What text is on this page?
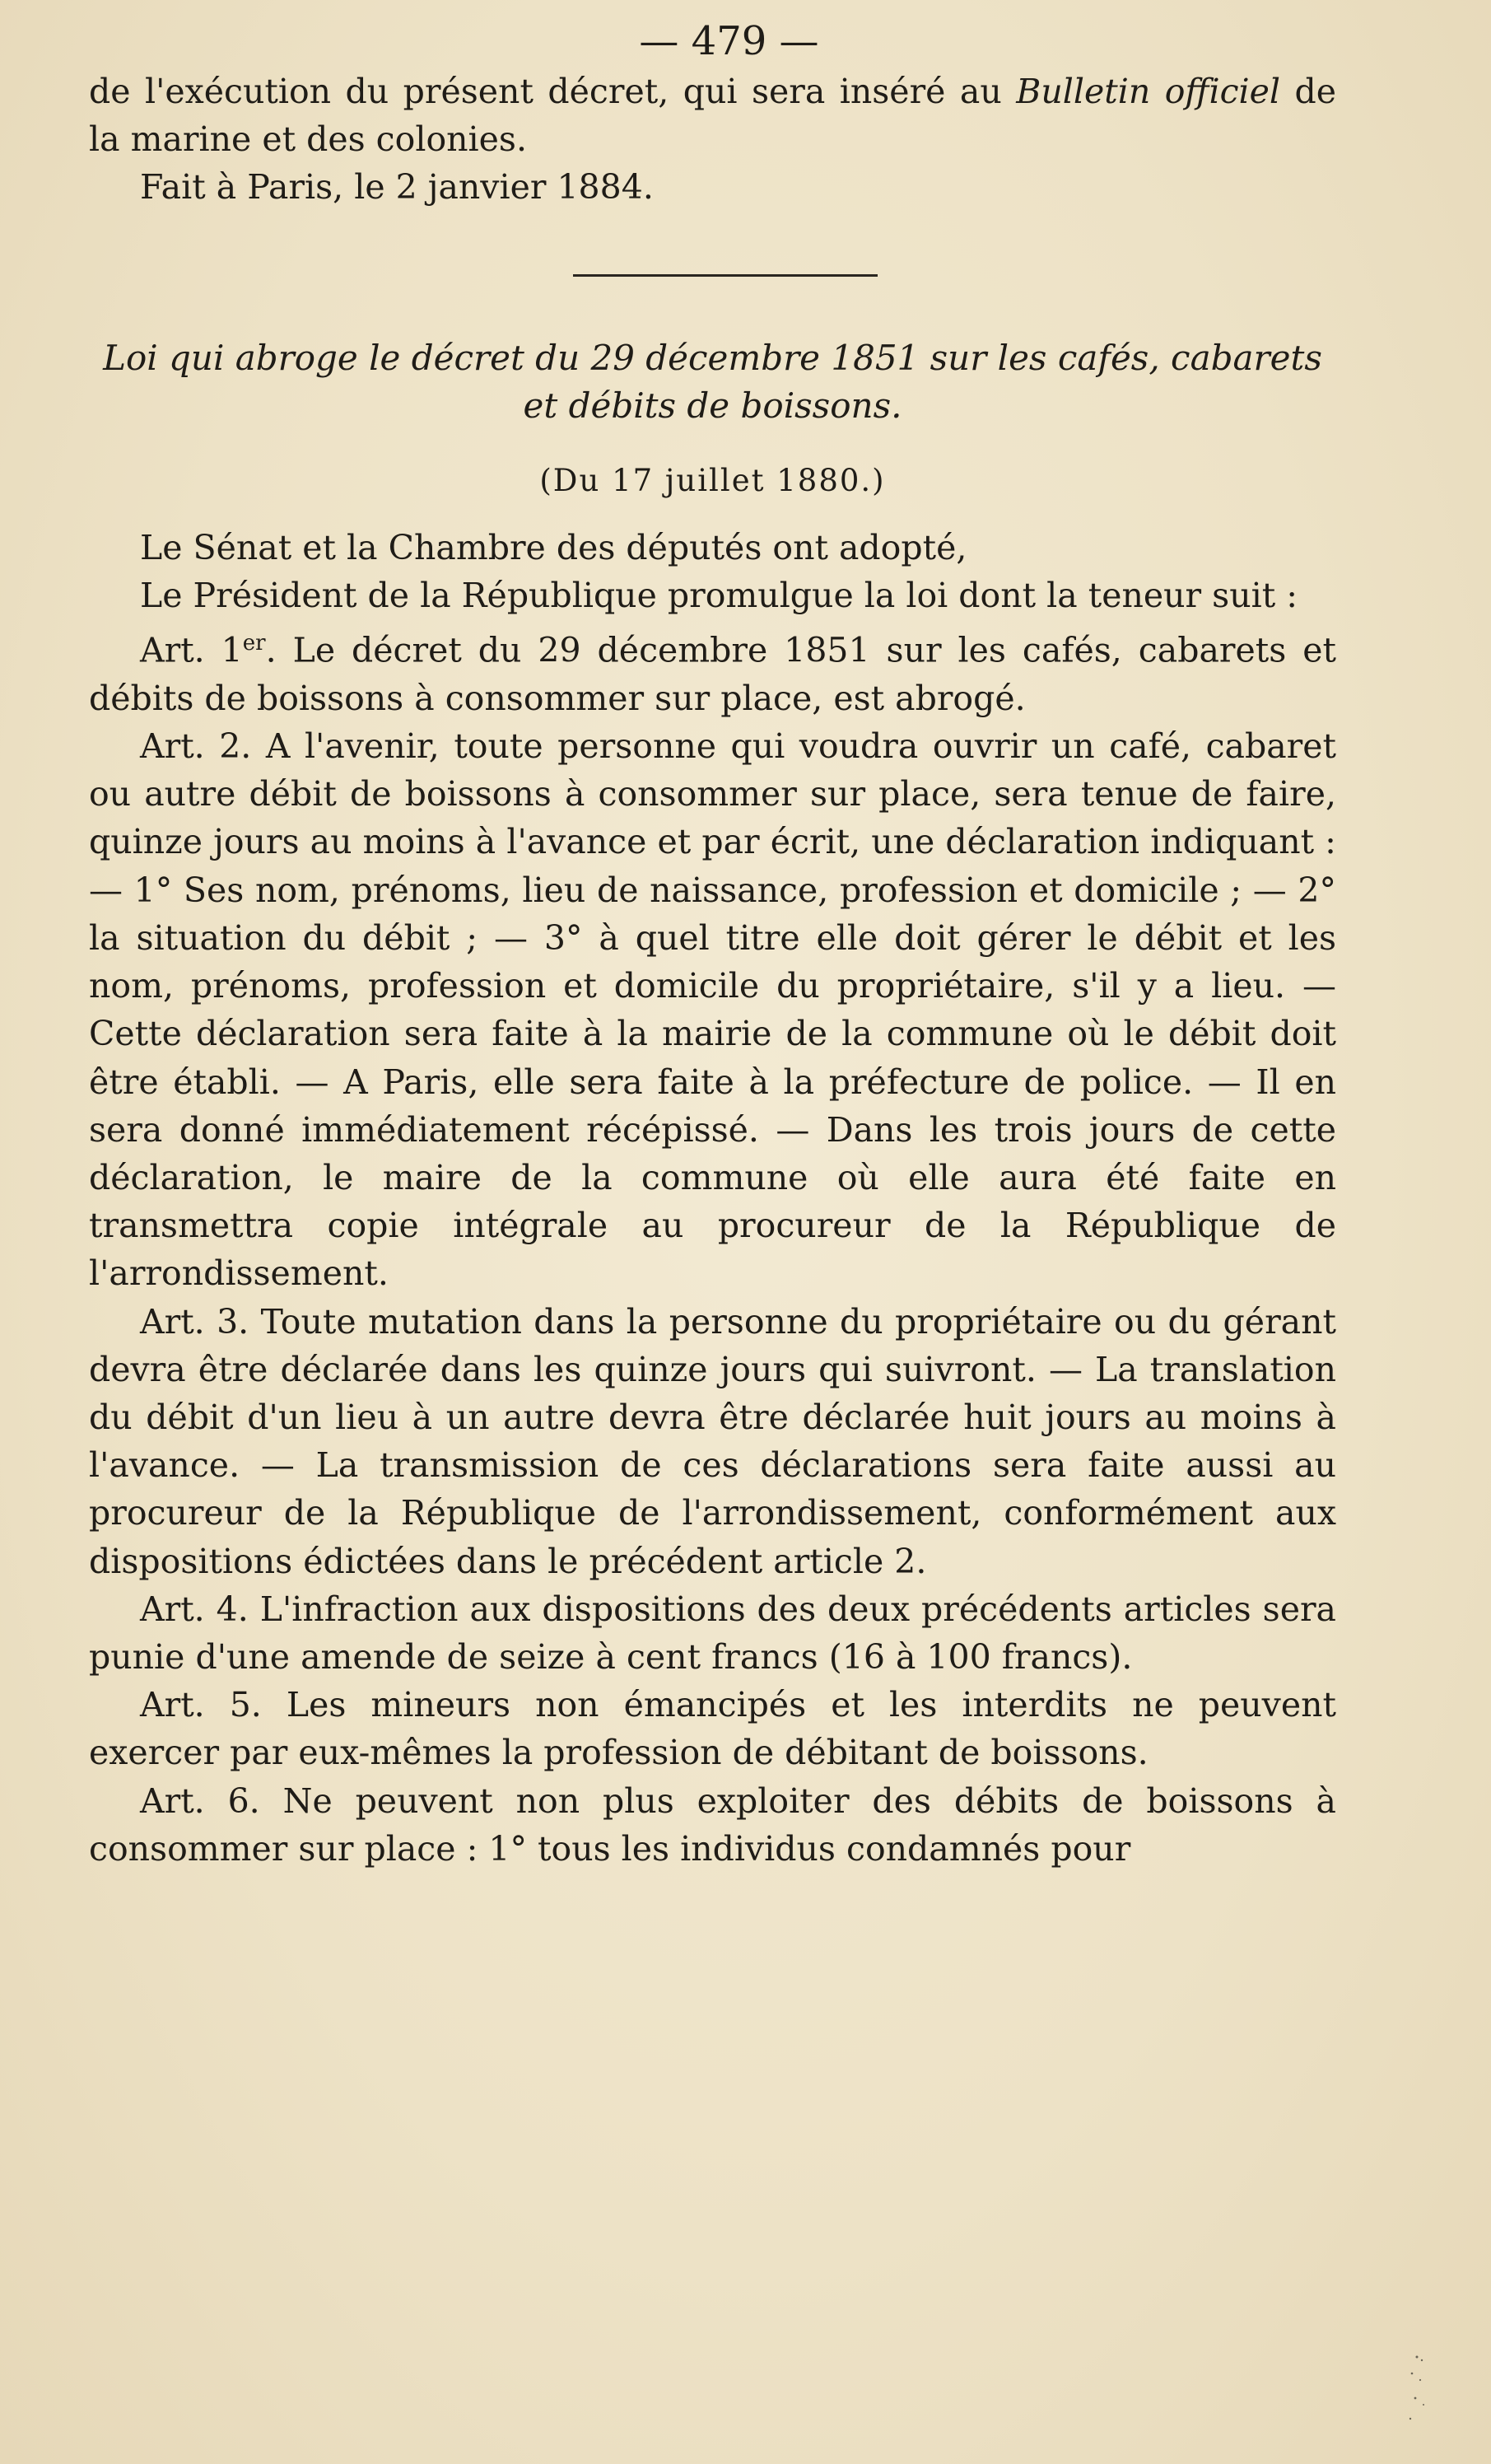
— 479 —

de l'exécution du présent décret, qui sera inséré au Bulletin officiel de la marine et des colonies.

Fait à Paris, le 2 janvier 1884.

Loi qui abroge le décret du 29 décembre 1851 sur les cafés, cabarets et débits de boissons.
(Du 17 juillet 1880.)

Le Sénat et la Chambre des députés ont adopté,

Le Président de la République promulgue la loi dont la teneur suit :

Art. 1er. Le décret du 29 décembre 1851 sur les cafés, cabarets et débits de boissons à consommer sur place, est abrogé.

Art. 2. A l'avenir, toute personne qui voudra ouvrir un café, cabaret ou autre débit de boissons à consommer sur place, sera tenue de faire, quinze jours au moins à l'avance et par écrit, une déclaration indiquant : — 1° Ses nom, prénoms, lieu de naissance, profession et domicile ; — 2° la situation du débit ; — 3° à quel titre elle doit gérer le débit et les nom, prénoms, profession et domicile du propriétaire, s'il y a lieu. — Cette déclaration sera faite à la mairie de la commune où le débit doit être établi. — A Paris, elle sera faite à la préfecture de police. — Il en sera donné immédiatement récépissé. — Dans les trois jours de cette déclaration, le maire de la commune où elle aura été faite en transmettra copie intégrale au procureur de la République de l'arrondissement.

Art. 3. Toute mutation dans la personne du propriétaire ou du gérant devra être déclarée dans les quinze jours qui suivront. — La translation du débit d'un lieu à un autre devra être déclarée huit jours au moins à l'avance. — La transmission de ces déclarations sera faite aussi au procureur de la République de l'arrondissement, conformément aux dispositions édictées dans le précédent article 2.

Art. 4. L'infraction aux dispositions des deux précédents articles sera punie d'une amende de seize à cent francs (16 à 100 francs).

Art. 5. Les mineurs non émancipés et les interdits ne peuvent exercer par eux-mêmes la profession de débitant de boissons.

Art. 6. Ne peuvent non plus exploiter des débits de boissons à consommer sur place : 1° tous les individus condamnés pour
